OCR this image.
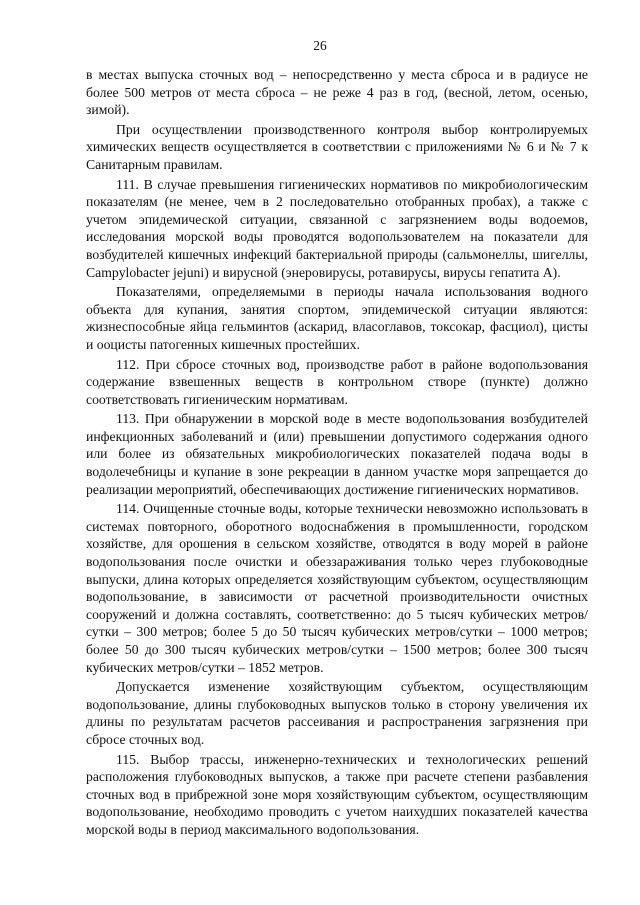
26

в местах выпуска сточных вод – непосредственно у места сброса и в радиусе не более 500 метров от места сброса – не реже 4 раз в год, (весной, летом, осенью, зимой).

При осуществлении производственного контроля выбор контролируемых химических веществ осуществляется в соответствии с приложениями № 6 и № 7 к Санитарным правилам.

111. В случае превышения гигиенических нормативов по микробиологическим показателям (не менее, чем в 2 последовательно отобранных пробах), а также с учетом эпидемической ситуации, связанной с загрязнением воды водоемов, исследования морской воды проводятся водопользователем на показатели для возбудителей кишечных инфекций бактериальной природы (сальмонеллы, шигеллы, Campylobacter jejuni) и вирусной (энеровирусы, ротавирусы, вирусы гепатита А).

Показателями, определяемыми в периоды начала использования водного объекта для купания, занятия спортом, эпидемической ситуации являются: жизнеспособные яйца гельминтов (аскарид, власоглавов, токсокар, фасциол), цисты и ооцисты патогенных кишечных простейших.

112. При сбросе сточных вод, производстве работ в районе водопользования содержание взвешенных веществ в контрольном створе (пункте) должно соответствовать гигиеническим нормативам.

113. При обнаружении в морской воде в месте водопользования возбудителей инфекционных заболеваний и (или) превышении допустимого содержания одного или более из обязательных микробиологических показателей подача воды в водолечебницы и купание в зоне рекреации в данном участке моря запрещается до реализации мероприятий, обеспечивающих достижение гигиенических нормативов.

114. Очищенные сточные воды, которые технически невозможно использовать в системах повторного, оборотного водоснабжения в промышленности, городском хозяйстве, для орошения в сельском хозяйстве, отводятся в воду морей в районе водопользования после очистки и обеззараживания только через глубоководные выпуски, длина которых определяется хозяйствующим субъектом, осуществляющим водопользование, в зависимости от расчетной производительности очистных сооружений и должна составлять, соответственно: до 5 тысяч кубических метров/сутки – 300 метров; более 5 до 50 тысяч кубических метров/сутки – 1000 метров; более 50 до 300 тысяч кубических метров/сутки – 1500 метров; более 300 тысяч кубических метров/сутки – 1852 метров.

Допускается изменение хозяйствующим субъектом, осуществляющим водопользование, длины глубоководных выпусков только в сторону увеличения их длины по результатам расчетов рассеивания и распространения загрязнения при сбросе сточных вод.

115. Выбор трассы, инженерно-технических и технологических решений расположения глубоководных выпусков, а также при расчете степени разбавления сточных вод в прибрежной зоне моря хозяйствующим субъектом, осуществляющим водопользование, необходимо проводить с учетом наихудших показателей качества морской воды в период максимального водопользования.
